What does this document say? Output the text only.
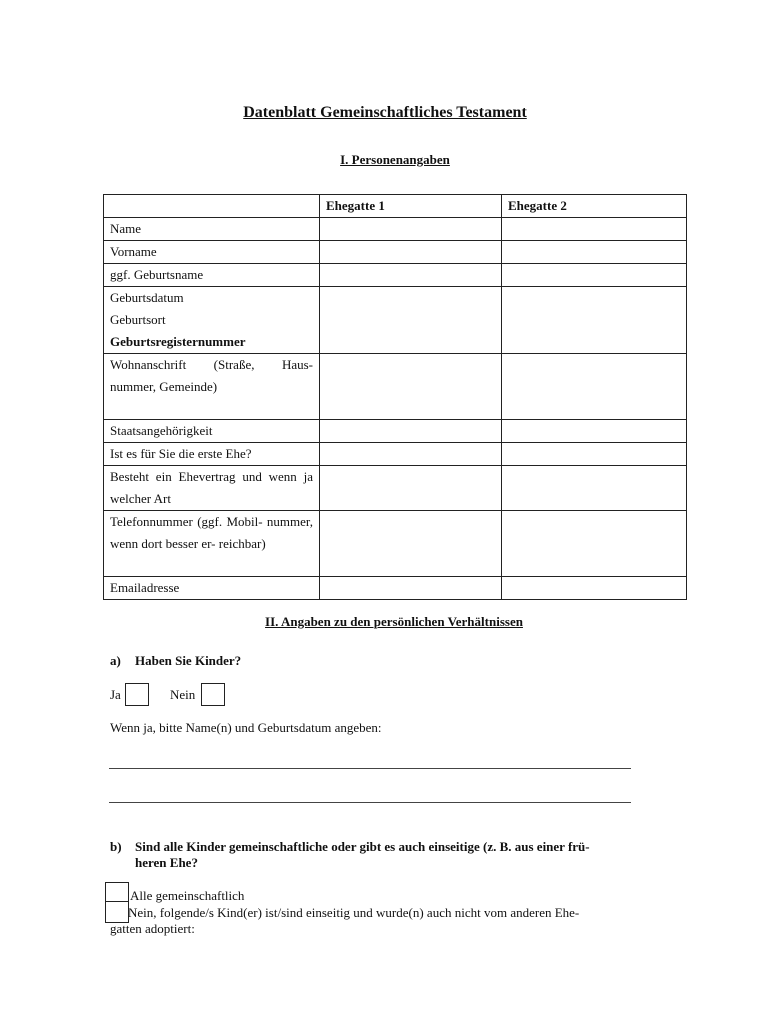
Datenblatt Gemeinschaftliches Testament
I. Personenangaben
	Ehegatte 1	Ehegatte 2
Name		
Vorname		
ggf. Geburtsname		

Geburtsdatum
Geburtsort
Geburtsregisternummer		

Wohnanschrift (Straße, Haus- nummer, Gemeinde)		
Staatsangehörigkeit		
Ist es für Sie die erste Ehe?		
Besteht ein Ehevertrag und wenn ja welcher Art		
Telefonnummer (ggf. Mobil- nummer, wenn dort besser er- reichbar)		
Emailadresse		
II. Angaben zu den persönlichen Verhältnissen
a) Haben Sie Kinder?
Ja	Nein
Wenn ja, bitte Name(n) und Geburtsdatum angeben:
b) Sind alle Kinder gemeinschaftliche oder gibt es auch einseitige (z. B. aus einer frü-
heren Ehe?
Alle gemeinschaftlich
Nein, folgende/s Kind(er) ist/sind einseitig und wurde(n) auch nicht vom anderen Ehe-
gatten adoptiert:
